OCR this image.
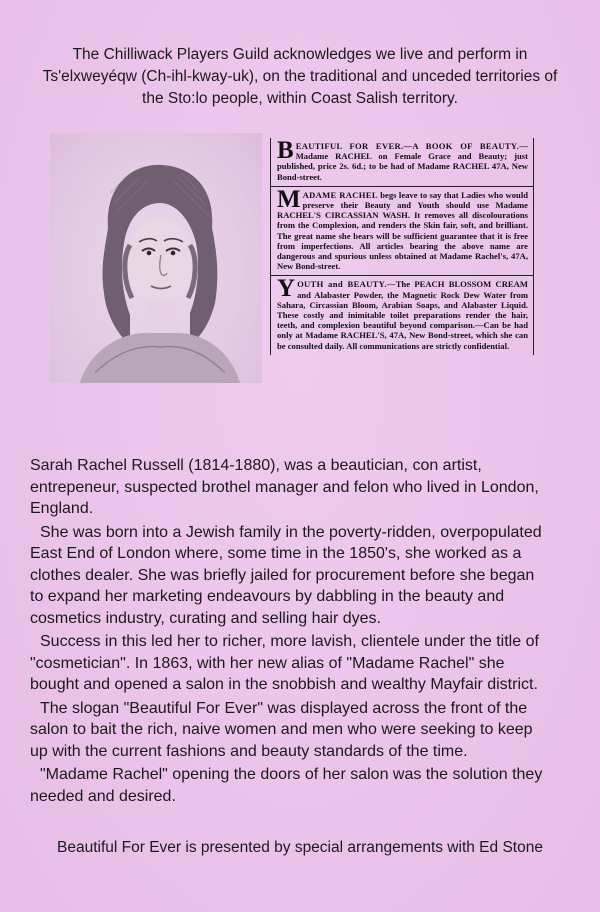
The Chilliwack Players Guild acknowledges we live and perform in Ts'elxweyéqw (Ch-ihl-kway-uk), on the traditional and unceded territories of the Sto:lo people, within Coast Salish territory.

BEAUTIFUL FOR EVER.—A BOOK OF BEAUTY.—Madame RACHEL on Female Grace and Beauty; just published, price 2s. 6d.; to be had of Madame RACHEL 47A, New Bond-street.

MADAME RACHEL begs leave to say that Ladies who would preserve their Beauty and Youth should use Madame RACHEL'S CIRCASSIAN WASH. It removes all discolourations from the Complexion, and renders the Skin fair, soft, and brilliant. The great name she bears will be sufficient guarantee that it is free from imperfections. All articles bearing the above name are dangerous and spurious unless obtained at Madame Rachel's, 47A, New Bond-street.

YOUTH and BEAUTY.—The PEACH BLOSSOM CREAM and Alabaster Powder, the Magnetic Rock Dew Water from Sahara, Circassian Bloom, Arabian Soaps, and Alabaster Liquid. These costly and inimitable toilet preparations render the hair, teeth, and complexion beautiful beyond comparison.—Can be had only at Madame RACHEL'S, 47A, New Bond-street, which she can be consulted daily. All communications are strictly confidential.

Sarah Rachel Russell (1814-1880), was a beautician, con artist, entrepeneur, suspected brothel manager and felon who lived in London, England.

She was born into a Jewish family in the poverty-ridden, overpopulated East End of London where, some time in the 1850's, she worked as a clothes dealer. She was briefly jailed for procurement before she began to expand her marketing endeavours by dabbling in the beauty and cosmetics industry, curating and selling hair dyes.

Success in this led her to richer, more lavish, clientele under the title of "cosmetician". In 1863, with her new alias of "Madame Rachel" she bought and opened a salon in the snobbish and wealthy Mayfair district.

The slogan "Beautiful For Ever" was displayed across the front of the salon to bait the rich, naive women and men who were seeking to keep up with the current fashions and beauty standards of the time.

"Madame Rachel" opening the doors of her salon was the solution they needed and desired.

Beautiful For Ever is presented by special arrangements with Ed Stone
